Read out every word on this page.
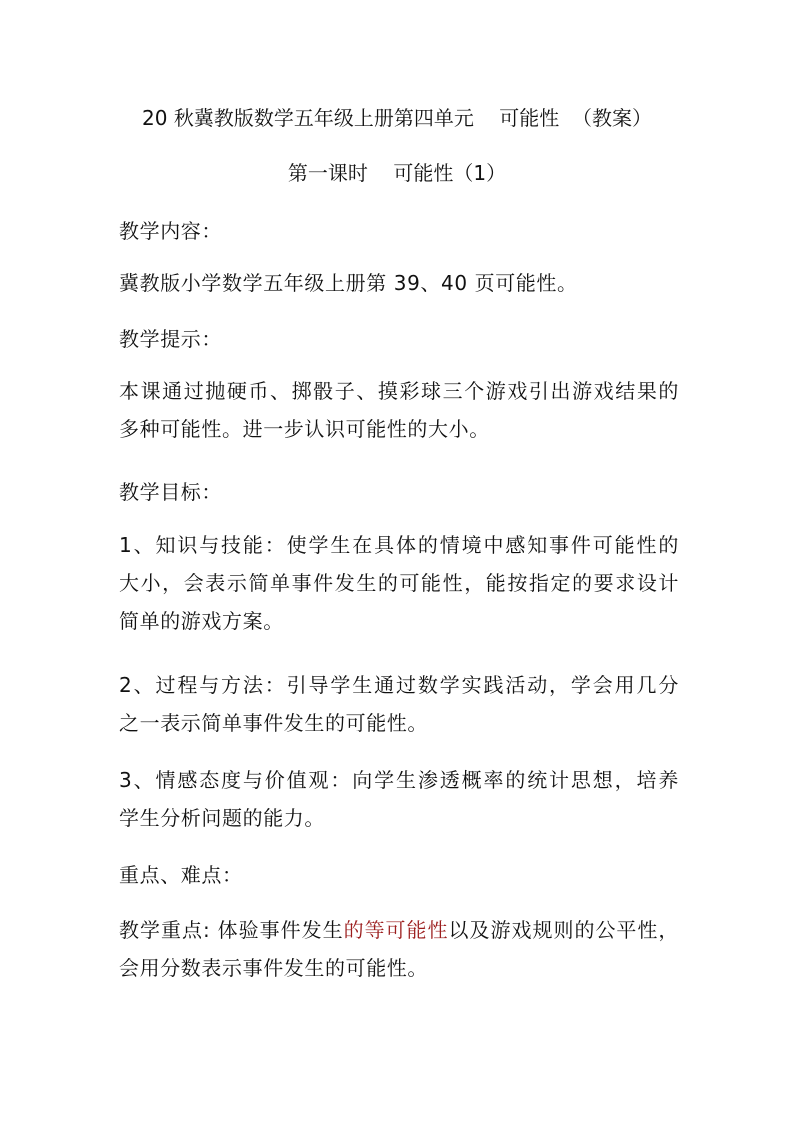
20 秋冀教版数学五年级上册第四单元    可能性  （教案）
第一课时    可能性（1）
教学内容：
冀教版小学数学五年级上册第 39、40 页可能性。
教学提示：
本课通过抛硬币、掷骰子、摸彩球三个游戏引出游戏结果的
多种可能性。进一步认识可能性的大小。
教学目标：
1、知识与技能：使学生在具体的情境中感知事件可能性的
大小，会表示简单事件发生的可能性，能按指定的要求设计
简单的游戏方案。
2、过程与方法：引导学生通过数学实践活动，学会用几分
之一表示简单事件发生的可能性。
3、情感态度与价值观：向学生渗透概率的统计思想，培养
学生分析问题的能力。
重点、难点：
教学重点: 体验事件发生的等可能性以及游戏规则的公平性，
会用分数表示事件发生的可能性。
